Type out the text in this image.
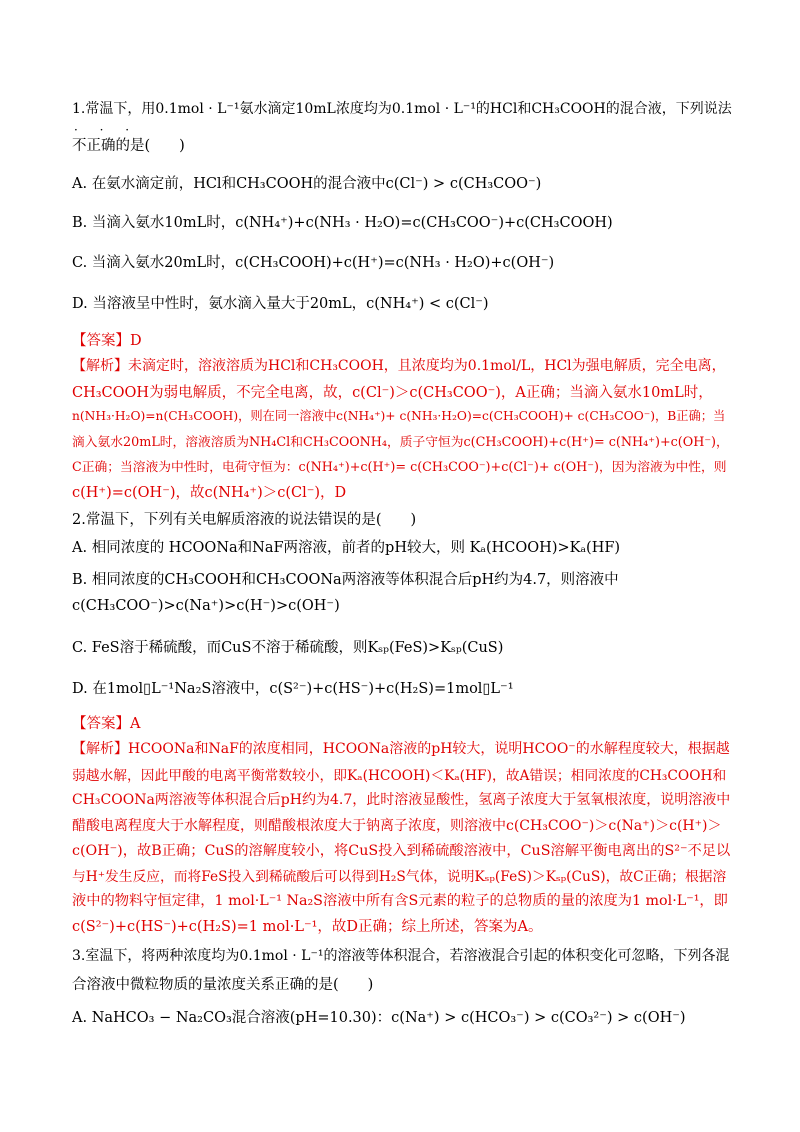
1.常温下，用0.1mol · L⁻¹氨水滴定10mL浓度均为0.1mol · L⁻¹的HCl和CH₃COOH的混合液，下列说法
· · ·
不正确的是(　　)
A. 在氨水滴定前，HCl和CH₃COOH的混合液中c(Cl⁻) > c(CH₃COO⁻)
B. 当滴入氨水10mL时，c(NH₄⁺)+c(NH₃ · H₂O)=c(CH₃COO⁻)+c(CH₃COOH)
C. 当滴入氨水20mL时，c(CH₃COOH)+c(H⁺)=c(NH₃ · H₂O)+c(OH⁻)
D. 当溶液呈中性时，氨水滴入量大于20mL，c(NH₄⁺) < c(Cl⁻)
【答案】D
【解析】未滴定时，溶液溶质为HCl和CH₃COOH，且浓度均为0.1mol/L，HCl为强电解质，完全电离，
CH₃COOH为弱电解质，不完全电离，故，c(Cl⁻)＞c(CH₃COO⁻)，A正确；当滴入氨水10mL时，
n(NH₃·H₂O)=n(CH₃COOH)，则在同一溶液中c(NH₄⁺)+ c(NH₃·H₂O)=c(CH₃COOH)+ c(CH₃COO⁻)，B正确；当
滴入氨水20mL时，溶液溶质为NH₄Cl和CH₃COONH₄，质子守恒为c(CH₃COOH)+c(H⁺)= c(NH₄⁺)+c(OH⁻)，
C正确；当溶液为中性时，电荷守恒为：c(NH₄⁺)+c(H⁺)= c(CH₃COO⁻)+c(Cl⁻)+ c(OH⁻)，因为溶液为中性，则
c(H⁺)=c(OH⁻)，故c(NH₄⁺)＞c(Cl⁻)，D
2.常温下，下列有关电解质溶液的说法错误的是(　　)
A. 相同浓度的 HCOONa和NaF两溶液，前者的pH较大，则 Kₐ(HCOOH)>Kₐ(HF)
B. 相同浓度的CH₃COOH和CH₃COONa两溶液等体积混合后pH约为4.7，则溶液中
c(CH₃COO⁻)>c(Na⁺)>c(H⁻)>c(OH⁻)
C. FeS溶于稀硫酸，而CuS不溶于稀硫酸，则Kₛₚ(FeS)>Kₛₚ(CuS)
D. 在1mol▯L⁻¹Na₂S溶液中，c(S²⁻)+c(HS⁻)+c(H₂S)=1mol▯L⁻¹
【答案】A
【解析】HCOONa和NaF的浓度相同，HCOONa溶液的pH较大，说明HCOO⁻的水解程度较大，根据越
弱越水解，因此甲酸的电离平衡常数较小，即Kₐ(HCOOH)＜Kₐ(HF)，故A错误；相同浓度的CH₃COOH和
CH₃COONa两溶液等体积混合后pH约为4.7，此时溶液显酸性，氢离子浓度大于氢氧根浓度，说明溶液中
醋酸电离程度大于水解程度，则醋酸根浓度大于钠离子浓度，则溶液中c(CH₃COO⁻)＞c(Na⁺)＞c(H⁺)＞
c(OH⁻)，故B正确；CuS的溶解度较小，将CuS投入到稀硫酸溶液中，CuS溶解平衡电离出的S²⁻不足以
与H⁺发生反应，而将FeS投入到稀硫酸后可以得到H₂S气体，说明Kₛₚ(FeS)＞Kₛₚ(CuS)，故C正确；根据溶
液中的物料守恒定律，1 mol·L⁻¹ Na₂S溶液中所有含S元素的粒子的总物质的量的浓度为1 mol·L⁻¹，即
c(S²⁻)+c(HS⁻)+c(H₂S)=1 mol·L⁻¹，故D正确；综上所述，答案为A。
3.室温下，将两种浓度均为0.1mol · L⁻¹的溶液等体积混合，若溶液混合引起的体积变化可忽略，下列各混
合溶液中微粒物质的量浓度关系正确的是(　　)
A. NaHCO₃ − Na₂CO₃混合溶液(pH=10.30)：c(Na⁺) > c(HCO₃⁻) > c(CO₃²⁻) > c(OH⁻)
